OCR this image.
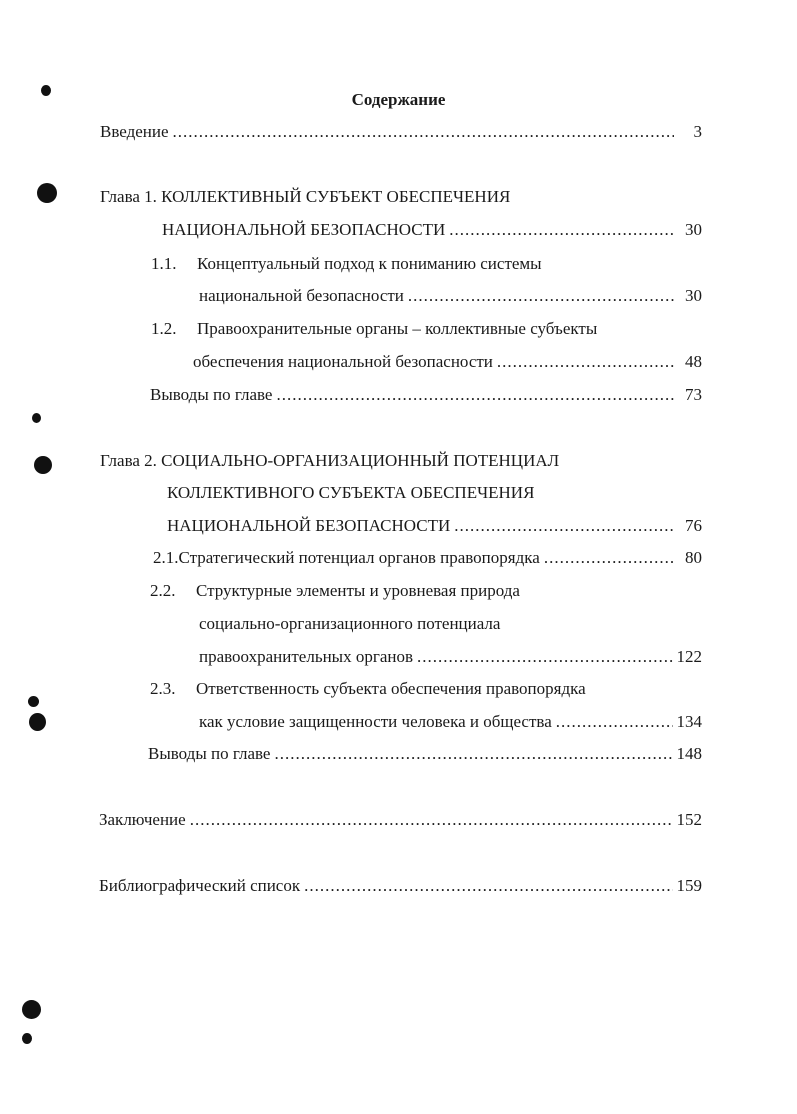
Содержание
Введение .....	3
Глава 1. КОЛЛЕКТИВНЫЙ СУБЪЕКТ ОБЕСПЕЧЕНИЯ
НАЦИОНАЛЬНОЙ БЕЗОПАСНОСТИ .....	30
1.1. Концептуальный подход к пониманию системы
национальной безопасности .....	30
1.2. Правоохранительные органы – коллективные субъекты
обеспечения национальной безопасности .....	48
Выводы по главе .....	73
Глава 2. СОЦИАЛЬНО-ОРГАНИЗАЦИОННЫЙ ПОТЕНЦИАЛ
КОЛЛЕКТИВНОГО СУБЪЕКТА ОБЕСПЕЧЕНИЯ
НАЦИОНАЛЬНОЙ БЕЗОПАСНОСТИ .....	76
2.1. Стратегический потенциал органов правопорядка .....	80
2.2. Структурные элементы и уровневая природа
социально-организационного потенциала
правоохранительных органов .....	122
2.3. Ответственность субъекта обеспечения правопорядка
как условие защищенности человека и общества .....	134
Выводы по главе .....	148
Заключение .....	152
Библиографический список .....	159
